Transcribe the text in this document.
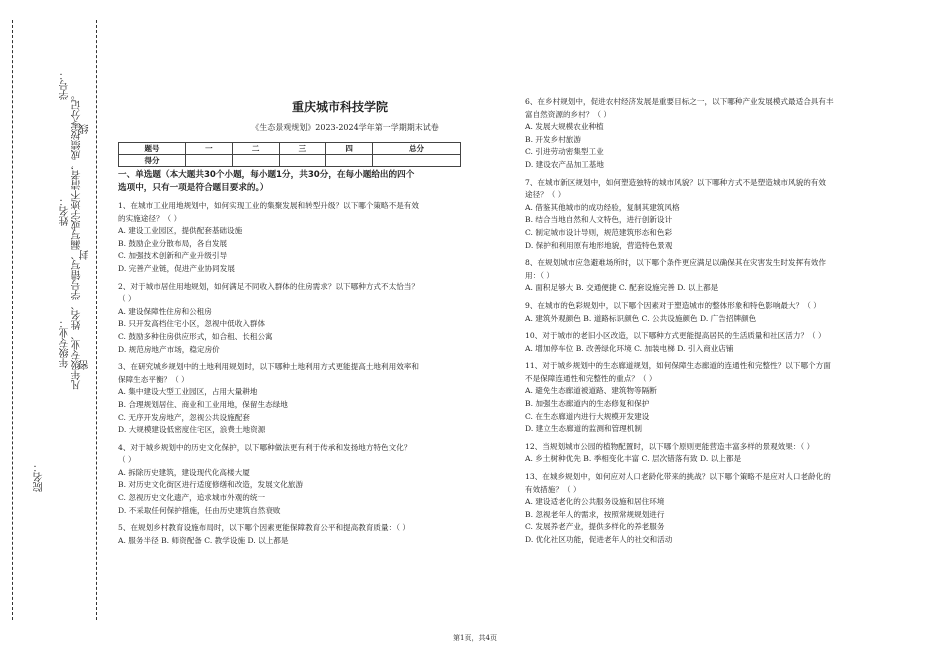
学号：
凡年级专业、姓名、学号错写、漏写或字迹不清者，成绩按零分记。
线
姓名：
封
年级专业： 密
院名：
重庆城市科技学院
《生态景观规划》2023-2024学年第一学期期末试卷
题号	一	二	三	四	总分
得分					

一、单选题（本大题共30个小题，每小题1分，共30分，在每小题给出的四个

选项中，只有一项是符合题目要求的。）

1、在城市工业用地规划中，如何实现工业的集聚发展和转型升级？以下哪个策略不是有效

的实施途径？（ ）

A. 建设工业园区，提供配套基础设施

B. 鼓励企业分散布局，各自发展

C. 加强技术创新和产业升级引导

D. 完善产业链，促进产业协同发展

2、对于城市居住用地规划，如何满足不同收入群体的住房需求？以下哪种方式不太恰当？

（ ）

A. 建设保障性住房和公租房

B. 只开发高档住宅小区，忽视中低收入群体

C. 鼓励多种住房供应形式，如合租、长租公寓

D. 规范房地产市场，稳定房价

3、在研究城乡规划中的土地利用规划时，以下哪种土地利用方式更能提高土地利用效率和

保障生态平衡？（ ）

A. 集中建设大型工业园区，占用大量耕地

B. 合理规划居住、商业和工业用地，保留生态绿地

C. 无序开发房地产，忽视公共设施配套

D. 大规模建设低密度住宅区，浪费土地资源

4、对于城乡规划中的历史文化保护，以下哪种做法更有利于传承和发扬地方特色文化？

（ ）

A. 拆除历史建筑，建设现代化高楼大厦

B. 对历史文化街区进行适度修缮和改造，发展文化旅游

C. 忽视历史文化遗产，追求城市外观的统一

D. 不采取任何保护措施，任由历史建筑自然衰败

5、在规划乡村教育设施布局时，以下哪个因素更能保障教育公平和提高教育质量：（ ）

A. 服务半径 B. 师资配备 C. 教学设施 D. 以上都是

6、在乡村规划中，促进农村经济发展是重要目标之一，以下哪种产业发展模式最适合具有丰

富自然资源的乡村？（ ）

A. 发展大规模农业种植

B. 开发乡村旅游

C. 引进劳动密集型工业

D. 建设农产品加工基地

7、在城市新区规划中，如何塑造独特的城市风貌？以下哪种方式不是塑造城市风貌的有效

途径？（ ）

A. 借鉴其他城市的成功经验，复制其建筑风格

B. 结合当地自然和人文特色，进行创新设计

C. 制定城市设计导则，规范建筑形态和色彩

D. 保护和利用原有地形地貌，营造特色景观

8、在规划城市应急避难场所时，以下哪个条件更应满足以确保其在灾害发生时发挥有效作

用：（ ）

A. 面积足够大 B. 交通便捷 C. 配套设施完善 D. 以上都是

9、在城市的色彩规划中，以下哪个因素对于塑造城市的整体形象和特色影响最大？（ ）

A. 建筑外观颜色 B. 道路标识颜色 C. 公共设施颜色 D. 广告招牌颜色

10、对于城市的老旧小区改造，以下哪种方式更能提高居民的生活质量和社区活力？（ ）

A. 增加停车位 B. 改善绿化环境 C. 加装电梯 D. 引入商业店铺

11、对于城乡规划中的生态廊道规划，如何保障生态廊道的连通性和完整性？以下哪个方面

不是保障连通性和完整性的重点？（ ）

A. 避免生态廊道被道路、建筑物等隔断

B. 加强生态廊道内的生态修复和保护

C. 在生态廊道内进行大规模开发建设

D. 建立生态廊道的监测和管理机制

12、当规划城市公园的植物配置时，以下哪个原则更能营造丰富多样的景观效果：（ ）

A. 乡土树种优先 B. 季相变化丰富 C. 层次错落有致 D. 以上都是

13、在城乡规划中，如何应对人口老龄化带来的挑战？以下哪个策略不是应对人口老龄化的

有效措施？（ ）

A. 建设适老化的公共服务设施和居住环境

B. 忽视老年人的需求，按照常规规划进行

C. 发展养老产业，提供多样化的养老服务

D. 优化社区功能，促进老年人的社交和活动

第1页，共4页
